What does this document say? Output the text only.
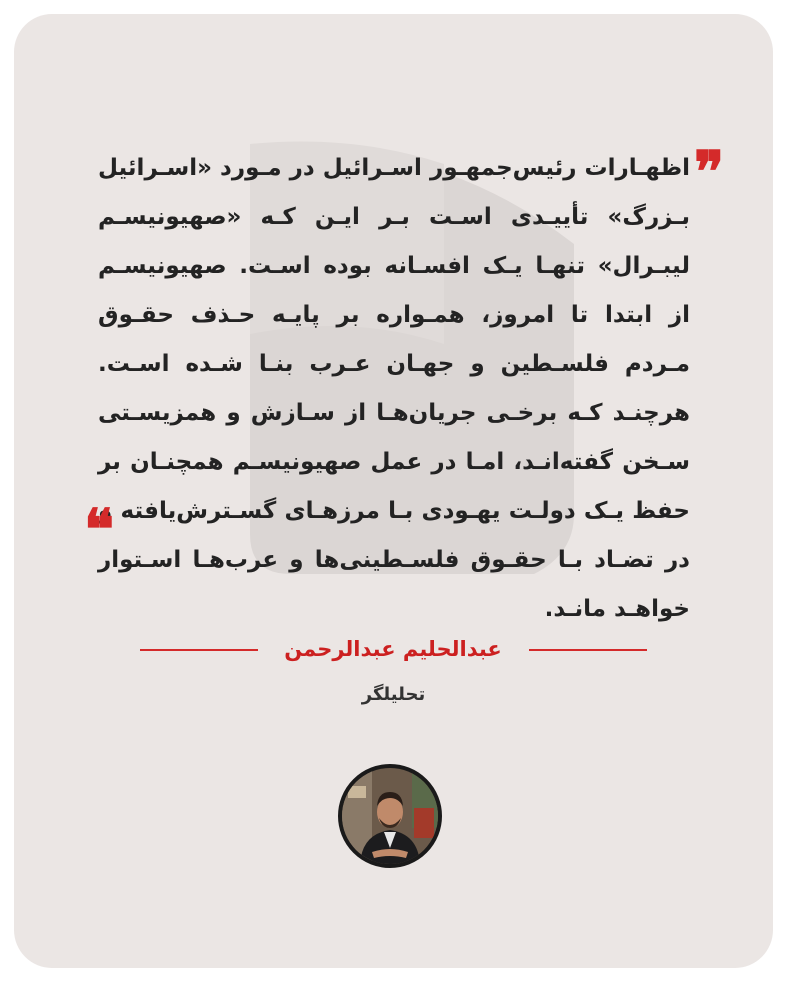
❞
اظهـارات رئیس‌جمهـور اسـرائیل در مـورد «اسـرائیل بـزرگ» تأییـدی اسـت بـر ایـن کـه «صهیونیسـم لیبـرال» تنهـا یـک افسـانه بوده اسـت. صهیونیسـم از ابتدا تا امروز، همـواره بر پایـه حـذف حقـوق مـردم فلسـطین و جهـان عـرب بنـا شـده اسـت. هرچنـد کـه برخـی جریان‌هـا از سـازش و همزیسـتی سـخن گفته‌انـد، امـا در عمل صهیونیسـم همچنـان بر حفظ یـک دولـت یهـودی بـا مرزهـای گسـترش‌یافته و در تضـاد بـا حقـوق فلسـطینی‌ها و عرب‌هـا اسـتوار خواهـد مانـد.
❝
عبدالحلیم عبدالرحمن
تحلیلگر
